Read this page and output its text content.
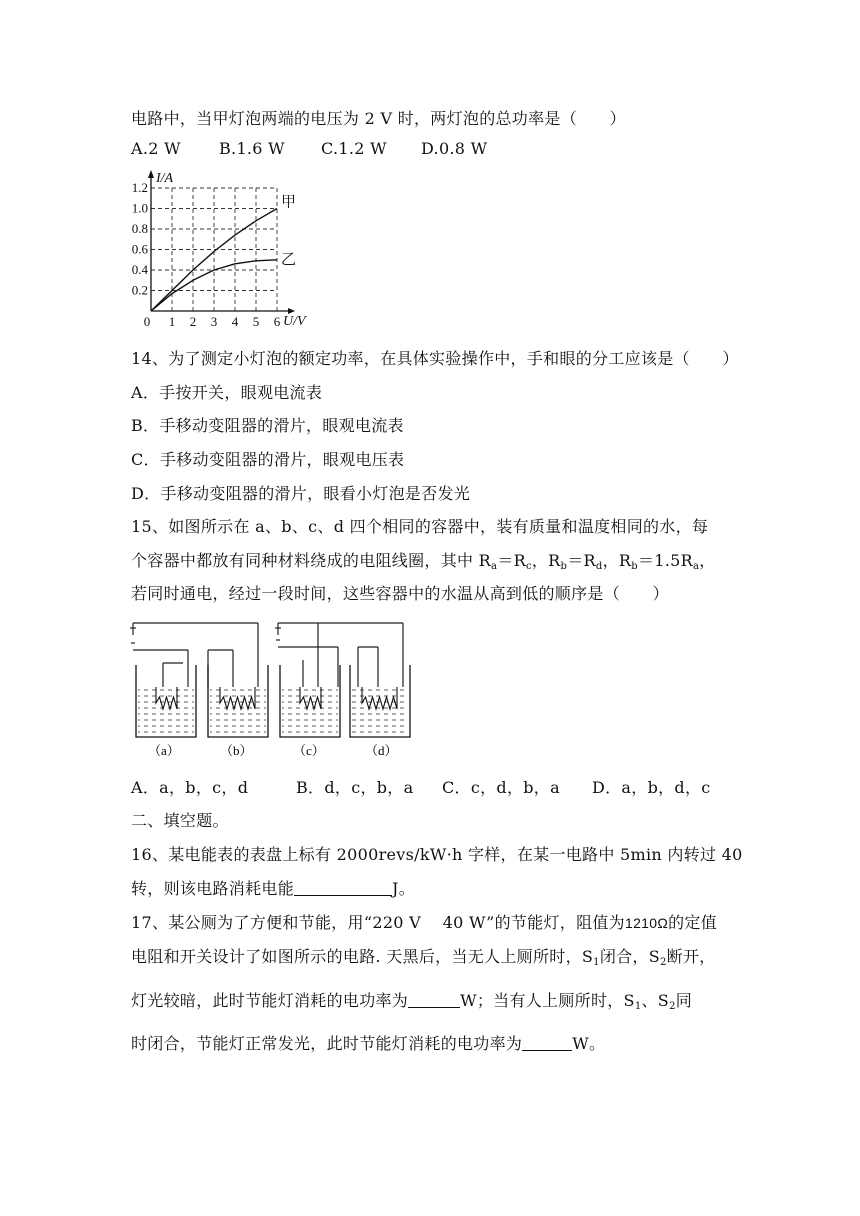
电路中，当甲灯泡两端的电压为 2 V 时，两灯泡的总功率是（　　）
A.2 W B.1.6 W C.1.2 W D.0.8 W
甲
乙
1 2 3 4 5 6
0.2
0.4
0.6
0.8
1.0
1.2
0
I/A
U/V
14、为了测定小灯泡的额定功率，在具体实验操作中，手和眼的分工应该是（　　）
A．手按开关，眼观电流表
B．手移动变阻器的滑片，眼观电流表
C．手移动变阻器的滑片，眼观电压表
D．手移动变阻器的滑片，眼看小灯泡是否发光
15、如图所示在 a、b、c、d 四个相同的容器中，装有质量和温度相同的水，每
个容器中都放有同种材料绕成的电阻线圈，其中 $R_a=R_c$，$R_b=R_d$，$R_b=1.5R_a$，
若同时通电，经过一段时间，这些容器中的水温从高到低的顺序是（　　）
（a）	（b）	（c）	（d）
A．a，b，c，d	B．d，c，b，a C．c，d，b，a D．a，b，d，c
二、填空题。
16、某电能表的表盘上标有 2000revs/kW·h 字样，在某一电路中 5min 内转过 40
转，则该电路消耗电能	J。
17、某公厕为了方便和节能，用“220 V　 40 W”的节能灯，阻值为1210Ω的定值
电阻和开关设计了如图所示的电路. 天黑后，当无人上厕所时，$S_1$闭合，$S_2$断开，
灯光较暗，此时节能灯消耗的电功率为	W；当有人上厕所时，$S_1$、$S_2$同
时闭合，节能灯正常发光，此时节能灯消耗的电功率为	W。
